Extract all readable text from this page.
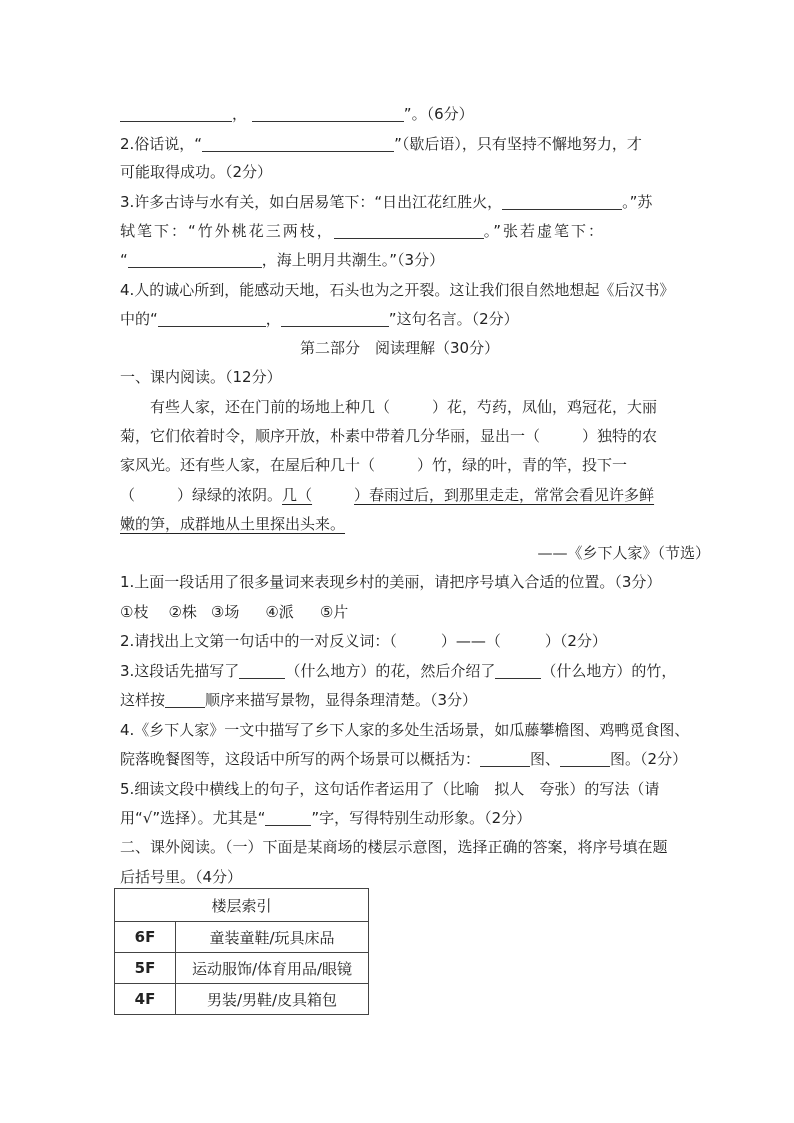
，	”。（6分）
2.俗话说，“	”（歇后语），只有坚持不懈地努力，才
可能取得成功。（2分）
3.许多古诗与水有关，如白居易笔下：“日出江花红胜火，	。”苏
轼笔下：“竹外桃花三两枝，	。”张若虚笔下：
“	，海上明月共潮生。”（3分）
4.人的诚心所到，能感动天地，石头也为之开裂。这让我们很自然地想起《后汉书》
中的“	，	”这句名言。（2分）
第二部分　阅读理解（30分）
一、课内阅读。（12分）
有些人家，还在门前的场地上种几（	）花，芍药，凤仙，鸡冠花，大丽
菊，它们依着时令，顺序开放，朴素中带着几分华丽，显出一（	）独特的农
家风光。还有些人家，在屋后种几十（	）竹，绿的叶，青的竿，投下一
（	）绿绿的浓阴。几（	）春雨过后，到那里走走，常常会看见许多鲜
嫩的笋，成群地从土里探出头来。
——《乡下人家》（节选）
1.上面一段话用了很多量词来表现乡村的美丽，请把序号填入合适的位置。（3分）
①枝 ②株 ③场 ④派 ⑤片
2.请找出上文第一句话中的一对反义词：（	）——（	）（2分）
3.这段话先描写了	（什么地方）的花，然后介绍了	（什么地方）的竹，
这样按	顺序来描写景物，显得条理清楚。（3分）
4.《乡下人家》一文中描写了乡下人家的多处生活场景，如瓜藤攀檐图、鸡鸭觅食图、
院落晚餐图等，这段话中所写的两个场景可以概括为：	图、	图。（2分）
5.细读文段中横线上的句子，这句话作者运用了（比喻　拟人　夸张）的写法（请
用“√”选择）。尤其是“	”字，写得特别生动形象。（2分）
二、课外阅读。（一）下面是某商场的楼层示意图，选择正确的答案，将序号填在题
后括号里。（4分）
楼层索引	
6F	童装童鞋/玩具床品
5F	运动服饰/体育用品/眼镜
4F	男装/男鞋/皮具箱包
